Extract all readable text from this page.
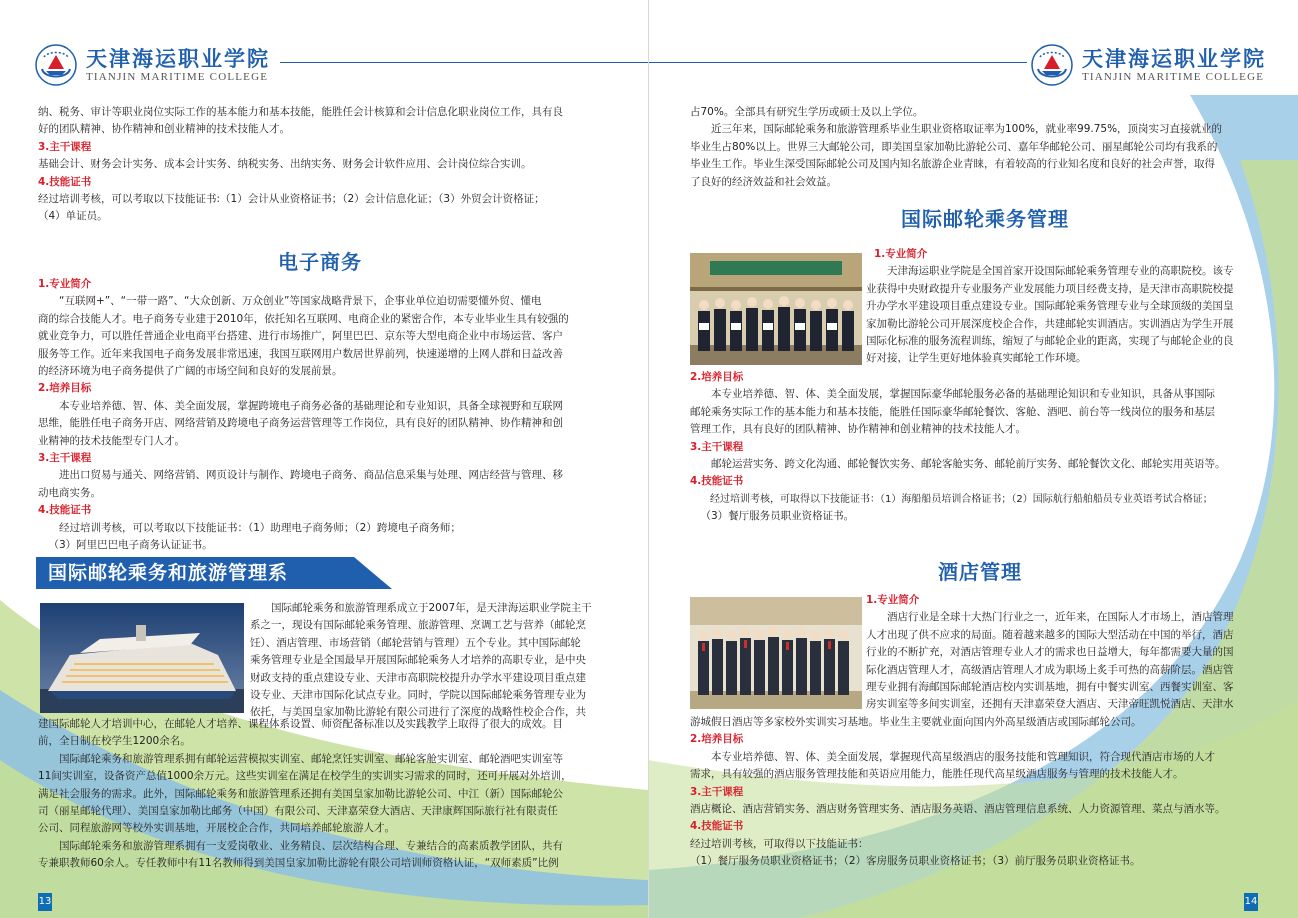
天津海运职业学院
TIANJIN MARITIME COLLEGE
天津海运职业学院
TIANJIN MARITIME COLLEGE

纳、税务、审计等职业岗位实际工作的基本能力和基本技能，能胜任会计核算和会计信息化职业岗位工作，具有良

好的团队精神、协作精神和创业精神的技术技能人才。

3.主干课程

基础会计、财务会计实务、成本会计实务、纳税实务、出纳实务、财务会计软件应用、会计岗位综合实训。

4.技能证书

经过培训考核，可以考取以下技能证书:（1）会计从业资格证书；（2）会计信息化证；（3）外贸会计资格证；

（4）单证员。

电子商务

1.专业简介

“互联网+”、“一带一路”、“大众创新、万众创业”等国家战略背景下，企事业单位迫切需要懂外贸、懂电

商的综合技能人才。电子商务专业建于2010年，依托知名互联网、电商企业的紧密合作，本专业毕业生具有较强的

就业竞争力，可以胜任普通企业电商平台搭建、进行市场推广，阿里巴巴、京东等大型电商企业中市场运营、客户

服务等工作。近年来我国电子商务发展非常迅速，我国互联网用户数居世界前列，快速递增的上网人群和日益改善

的经济环境为电子商务提供了广阔的市场空间和良好的发展前景。

2.培养目标

本专业培养德、智、体、美全面发展，掌握跨境电子商务必备的基础理论和专业知识，具备全球视野和互联网

思维，能胜任电子商务开店、网络营销及跨境电子商务运营管理等工作岗位，具有良好的团队精神、协作精神和创

业精神的技术技能型专门人才。

3.主干课程

进出口贸易与通关、网络营销、网页设计与制作、跨境电子商务、商品信息采集与处理、网店经营与管理、移

动电商实务。

4.技能证书

经过培训考核，可以考取以下技能证书：（1）助理电子商务师；（2）跨境电子商务师；

（3）阿里巴巴电子商务认证证书。

国际邮轮乘务和旅游管理系

国际邮轮乘务和旅游管理系成立于2007年，是天津海运职业学院主干

系之一，现设有国际邮轮乘务管理、旅游管理、烹调工艺与营养（邮轮烹

饪）、酒店管理、市场营销（邮轮营销与管理）五个专业。其中国际邮轮

乘务管理专业是全国最早开展国际邮轮乘务人才培养的高职专业，是中央

财政支持的重点建设专业、天津市高职院校提升办学水平建设项目重点建

设专业、天津市国际化试点专业。同时，学院以国际邮轮乘务管理专业为

依托，与美国皇家加勒比游轮有限公司进行了深度的战略性校企合作，共

建国际邮轮人才培训中心，在邮轮人才培养、课程体系设置、师资配备标准以及实践教学上取得了很大的成效。目

前，全日制在校学生1200余名。

国际邮轮乘务和旅游管理系拥有邮轮运营模拟实训室、邮轮烹饪实训室、邮轮客舱实训室、邮轮酒吧实训室等

11间实训室，设备资产总值1000余万元。这些实训室在满足在校学生的实训实习需求的同时，还可开展对外培训，

满足社会服务的需求。此外，国际邮轮乘务和旅游管理系还拥有美国皇家加勒比游轮公司、中江（新）国际邮轮公

司（丽星邮轮代理）、美国皇家加勒比邮务（中国）有限公司、天津嘉荣登大酒店、天津康辉国际旅行社有限责任

公司、同程旅游网等校外实训基地，开展校企合作，共同培养邮轮旅游人才。

国际邮轮乘务和旅游管理系拥有一支爱岗敬业、业务精良、层次结构合理、专兼结合的高素质教学团队，共有

专兼职教师60余人。专任教师中有11名教师得到美国皇家加勒比游轮有限公司培训师资格认证，“双师素质”比例

13

占70%。全部具有研究生学历或硕士及以上学位。

近三年来，国际邮轮乘务和旅游管理系毕业生职业资格取证率为100%，就业率99.75%，顶岗实习直接就业的

毕业生占80%以上。世界三大邮轮公司，即美国皇家加勒比游轮公司、嘉年华邮轮公司、丽星邮轮公司均有我系的

毕业生工作。毕业生深受国际邮轮公司及国内知名旅游企业青睐，有着较高的行业知名度和良好的社会声誉，取得

了良好的经济效益和社会效益。

国际邮轮乘务管理

1.专业简介

天津海运职业学院是全国首家开设国际邮轮乘务管理专业的高职院校。该专

业获得中央财政提升专业服务产业发展能力项目经费支持，是天津市高职院校提

升办学水平建设项目重点建设专业。国际邮轮乘务管理专业与全球顶级的美国皇

家加勒比游轮公司开展深度校企合作，共建邮轮实训酒店。实训酒店为学生开展

国际化标准的服务流程训练，缩短了与邮轮企业的距离，实现了与邮轮企业的良

好对接，让学生更好地体验真实邮轮工作环境。

2.培养目标

本专业培养德、智、体、美全面发展，掌握国际豪华邮轮服务必备的基础理论知识和专业知识，具备从事国际

邮轮乘务实际工作的基本能力和基本技能，能胜任国际豪华邮轮餐饮、客舱、酒吧、前台等一线岗位的服务和基层

管理工作，具有良好的团队精神、协作精神和创业精神的技术技能人才。

3.主干课程

邮轮运营实务、跨文化沟通、邮轮餐饮实务、邮轮客舱实务、邮轮前厅实务、邮轮餐饮文化、邮轮实用英语等。

4.技能证书

经过培训考核，可取得以下技能证书：（1）海船船员培训合格证书；（2）国际航行船舶船员专业英语考试合格证；

（3）餐厅服务员职业资格证书。

酒店管理

1.专业简介

酒店行业是全球十大热门行业之一，近年来，在国际人才市场上，酒店管理

人才出现了供不应求的局面。随着越来越多的国际大型活动在中国的举行，酒店

行业的不断扩充，对酒店管理专业人才的需求也日益增大，每年都需要大量的国

际化酒店管理人才，高级酒店管理人才成为职场上炙手可热的高薪阶层。酒店管

理专业拥有海邮国际邮轮酒店校内实训基地，拥有中餐实训室、西餐实训室、客

房实训室等多间实训室，还拥有天津嘉荣登大酒店、天津帝旺凯悦酒店、天津水

游城假日酒店等多家校外实训实习基地。毕业生主要就业面向国内外高星级酒店或国际邮轮公司。

2.培养目标

本专业培养德、智、体、美全面发展，掌握现代高星级酒店的服务技能和管理知识，符合现代酒店市场的人才

需求，具有较强的酒店服务管理技能和英语应用能力，能胜任现代高星级酒店服务与管理的技术技能人才。

3.主干课程

酒店概论、酒店营销实务、酒店财务管理实务、酒店服务英语、酒店管理信息系统、人力资源管理、菜点与酒水等。

4.技能证书

经过培训考核，可取得以下技能证书：

（1）餐厅服务员职业资格证书；（2）客房服务员职业资格证书；（3）前厅服务员职业资格证书。

14
